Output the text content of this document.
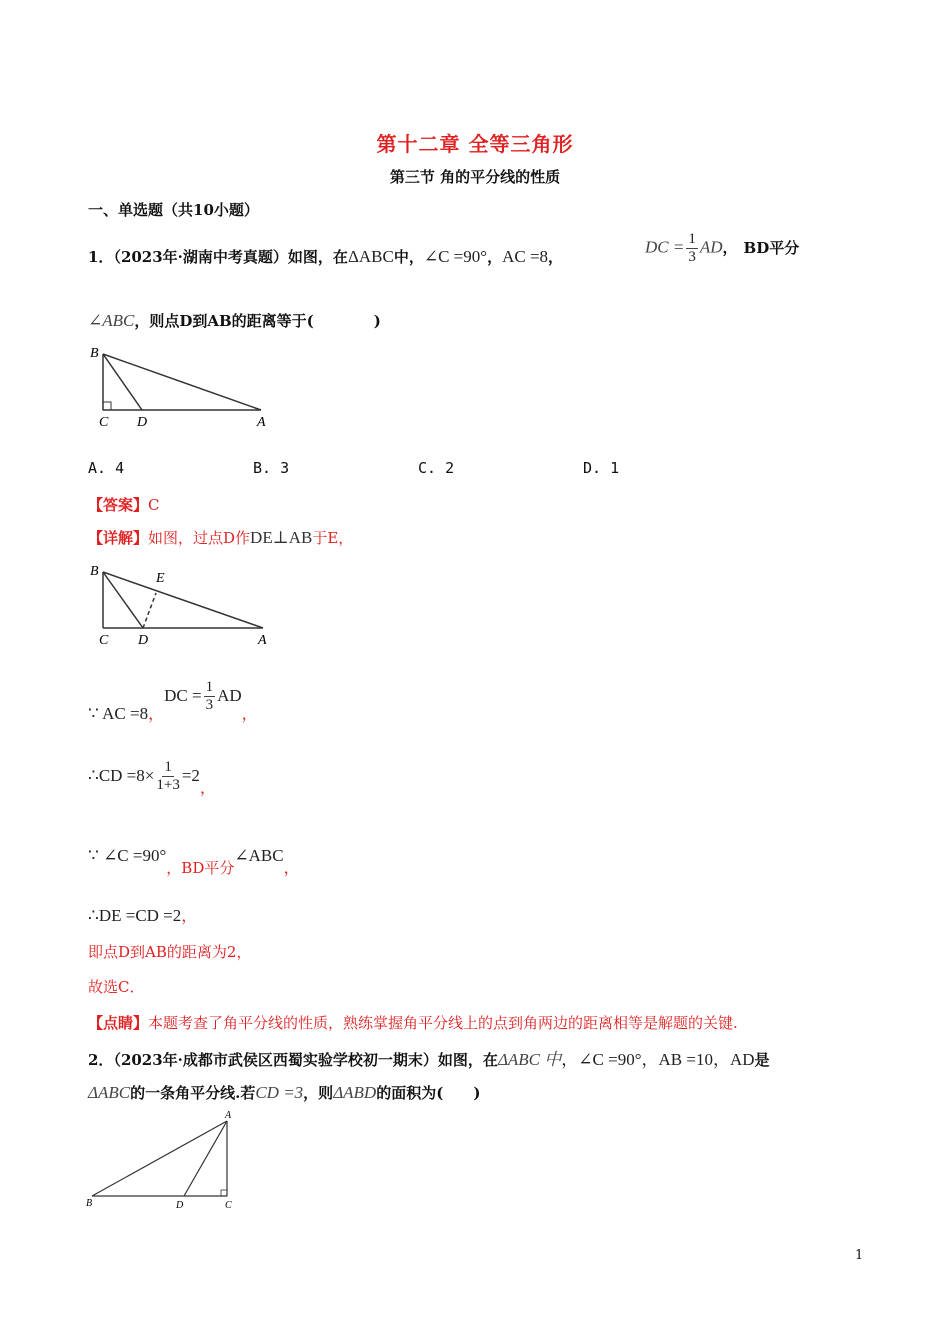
第十二章 全等三角形
第三节 角的平分线的性质
一、单选题（共10小题）
1．（2023年·湖南中考真题）如图，在ΔABC中，∠C =90°，AC =8，
DC = $\frac{1}{3}$ AD， BD平分
∠ABC，则点D到AB的距离等于(　　　　)
B
C D	A
A. 4	B. 3	C. 2	D. 1
【答案】C
【详解】如图，过点D作DE⊥AB于E，
B	E
C D	A
∵ AC =8，DC = $\frac{1}{3}$ AD，
∴CD $=8\times \frac{1}{1+3} =2$，
∵ ∠C =90°，BD平分∠ABC，
∴DE =CD =2，
即点D到AB的距离为2，
故选C．
【点睛】本题考查了角平分线的性质，熟练掌握角平分线上的点到角两边的距离相等是解题的关键.
2．（2023年·成都市武侯区西蜀实验学校初一期末）如图，在ΔABC 中，∠C =90°，AB =10，AD是
ΔABC的一条角平分线.若CD =3，则ΔABD的面积为(　　)
A
B	D	C
1
